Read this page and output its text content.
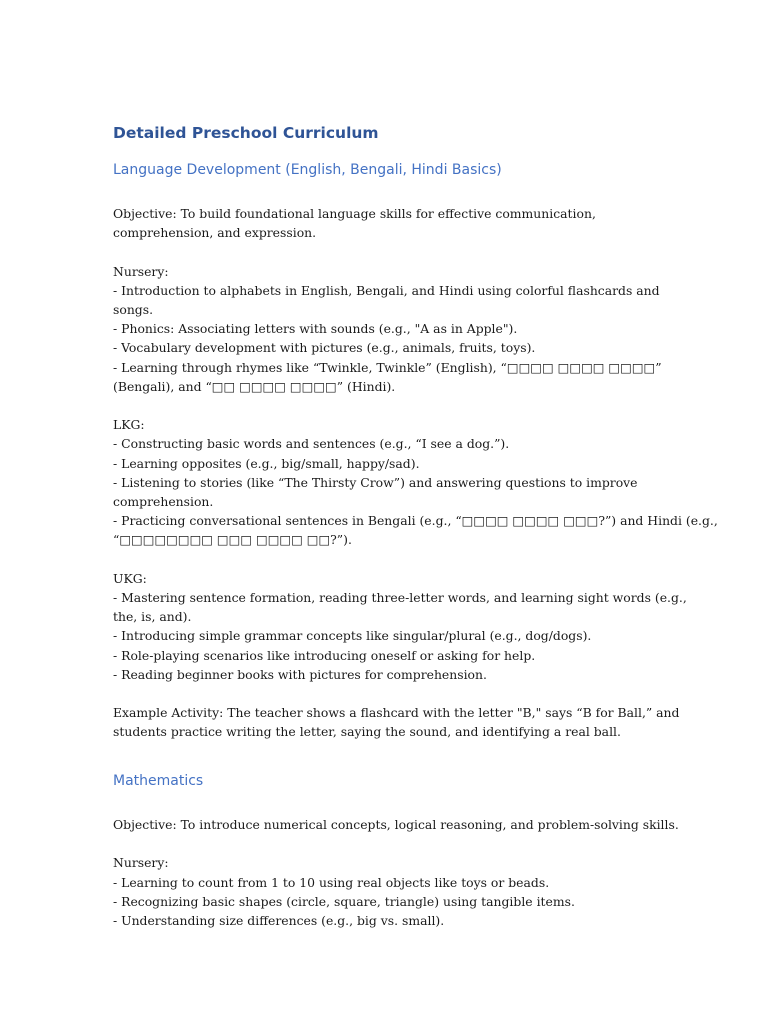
Detailed Preschool Curriculum
Language Development (English, Bengali, Hindi Basics)

Objective: To build foundational language skills for effective communication,

comprehension, and expression.

Nursery:

- Introduction to alphabets in English, Bengali, and Hindi using colorful flashcards and

songs.

- Phonics: Associating letters with sounds (e.g., "A as in Apple").

- Vocabulary development with pictures (e.g., animals, fruits, toys).

- Learning through rhymes like “Twinkle, Twinkle” (English), “□□□□ □□□□ □□□□”

(Bengali), and “□□ □□□□ □□□□” (Hindi).

LKG:

- Constructing basic words and sentences (e.g., “I see a dog.”).

- Learning opposites (e.g., big/small, happy/sad).

- Listening to stories (like “The Thirsty Crow”) and answering questions to improve

comprehension.

- Practicing conversational sentences in Bengali (e.g., “□□□□ □□□□ □□□?”) and Hindi (e.g.,

“□□□□□□□□ □□□ □□□□ □□?”).

UKG:

- Mastering sentence formation, reading three-letter words, and learning sight words (e.g.,

the, is, and).

- Introducing simple grammar concepts like singular/plural (e.g., dog/dogs).

- Role-playing scenarios like introducing oneself or asking for help.

- Reading beginner books with pictures for comprehension.

Example Activity: The teacher shows a flashcard with the letter "B," says “B for Ball,” and

students practice writing the letter, saying the sound, and identifying a real ball.

Mathematics

Objective: To introduce numerical concepts, logical reasoning, and problem-solving skills.

Nursery:

- Learning to count from 1 to 10 using real objects like toys or beads.

- Recognizing basic shapes (circle, square, triangle) using tangible items.

- Understanding size differences (e.g., big vs. small).
